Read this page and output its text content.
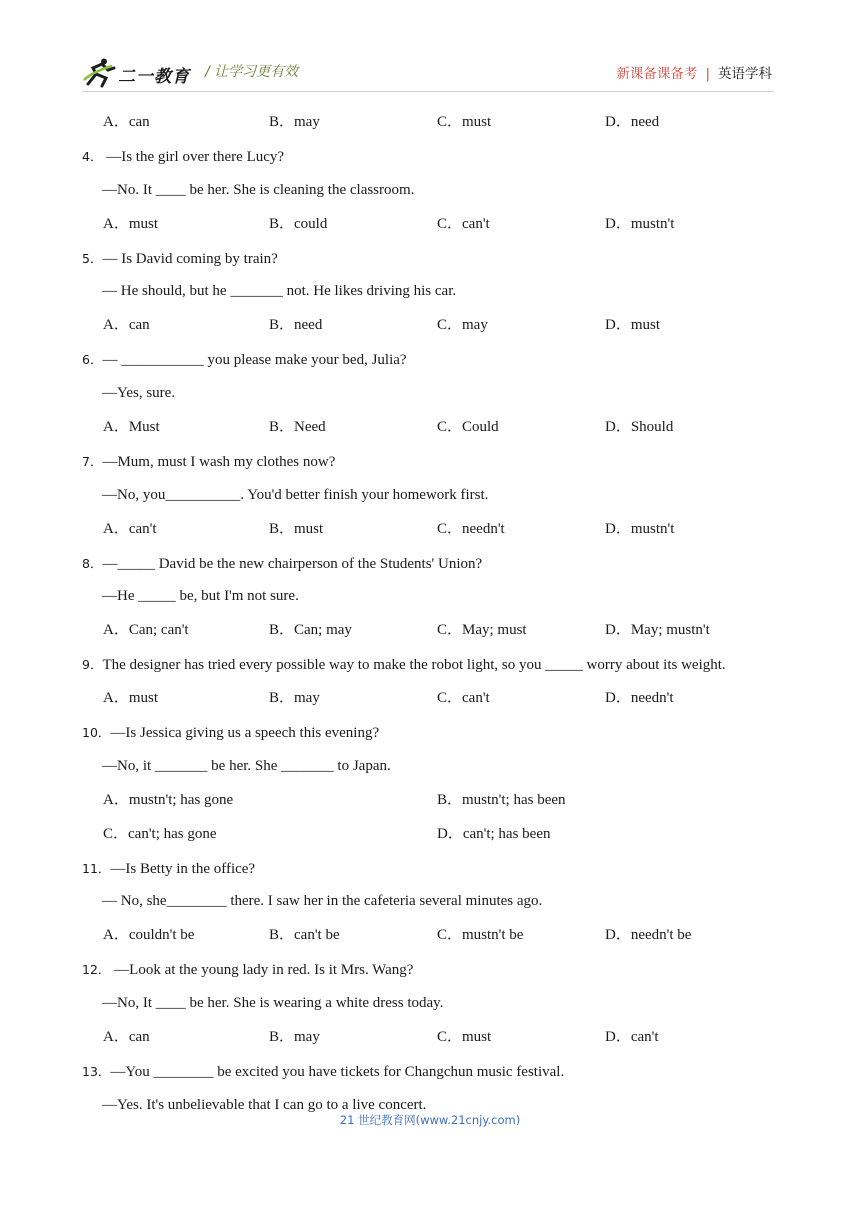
二一教育 / 让学习更有效	新课备课备考 | 英语学科
A．can	B．may	C．must	D．need
4． —Is the girl over there Lucy?
—No. It ____ be her. She is cleaning the classroom.
A．must	B．could	C．can't	D．mustn't
5．— Is David coming by train?
— He should, but he _______ not. He likes driving his car.
A．can	B．need	C．may	D．must
6．— ___________ you please make your bed, Julia?
—Yes, sure.
A．Must	B．Need	C．Could	D．Should
7．—Mum, must I wash my clothes now?
—No, you__________. You'd better finish your homework first.
A．can't	B．must	C．needn't	D．mustn't
8．—_____ David be the new chairperson of the Students' Union?
—He _____ be, but I'm not sure.
A．Can; can't	B．Can; may	C．May; must	D．May; mustn't
9．The designer has tried every possible way to make the robot light, so you _____ worry about its weight.
A．must	B．may	C．can't	D．needn't
10．—Is Jessica giving us a speech this evening?
—No, it _______ be her. She _______ to Japan.
A．mustn't; has gone	B．mustn't; has been
C．can't; has gone	D．can't; has been
11．—Is Betty in the office?
— No, she________ there. I saw her in the cafeteria several minutes ago.
A．couldn't be	B．can't be	C．mustn't be	D．needn't be
12． —Look at the young lady in red. Is it Mrs. Wang?
—No, It ____ be her. She is wearing a white dress today.
A．can	B．may	C．must	D．can't
13．—You ________ be excited you have tickets for Changchun music festival.
—Yes. It's unbelievable that I can go to a live concert.
21 世纪教育网(www.21cnjy.com)
